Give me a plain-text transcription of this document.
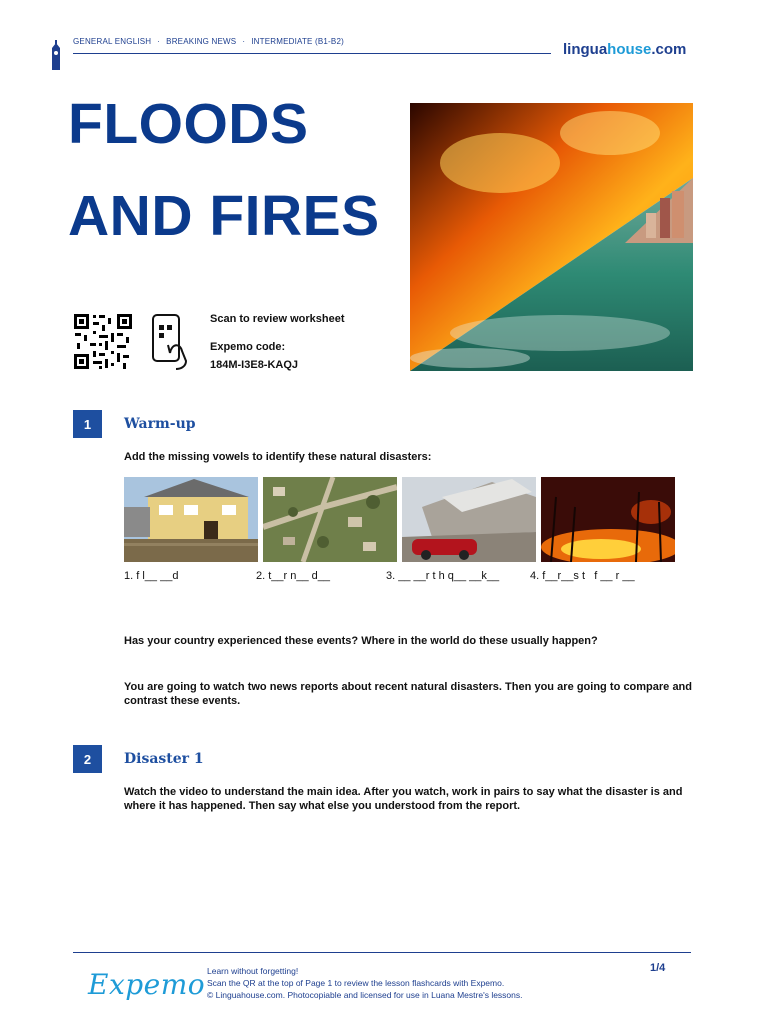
GENERAL ENGLISH · BREAKING NEWS · INTERMEDIATE (B1-B2)	linguahouse.com
FLOODS
AND FIRES
Scan to review worksheet
Expemo code:
184M-I3E8-KAQJ
1	Warm-up
Add the missing vowels to identify these natural disasters:
1. f l__ __d	2. t__r n__ d__	3. __ __r t h q__ __k__	4. f__r__s t   f __ r __
Has your country experienced these events? Where in the world do these usually happen?
You are going to watch two news reports about recent natural disasters. Then you are going to compare and contrast these events.
2	Disaster 1
Watch the video to understand the main idea. After you watch, work in pairs to say what the disaster is and where it has happened. Then say what else you understood from the report.
Expemo Learn without forgetting!
Scan the QR at the top of Page 1 to review the lesson flashcards with Expemo.
© Linguahouse.com. Photocopiable and licensed for use in Luana Mestre's lessons.
1/4
